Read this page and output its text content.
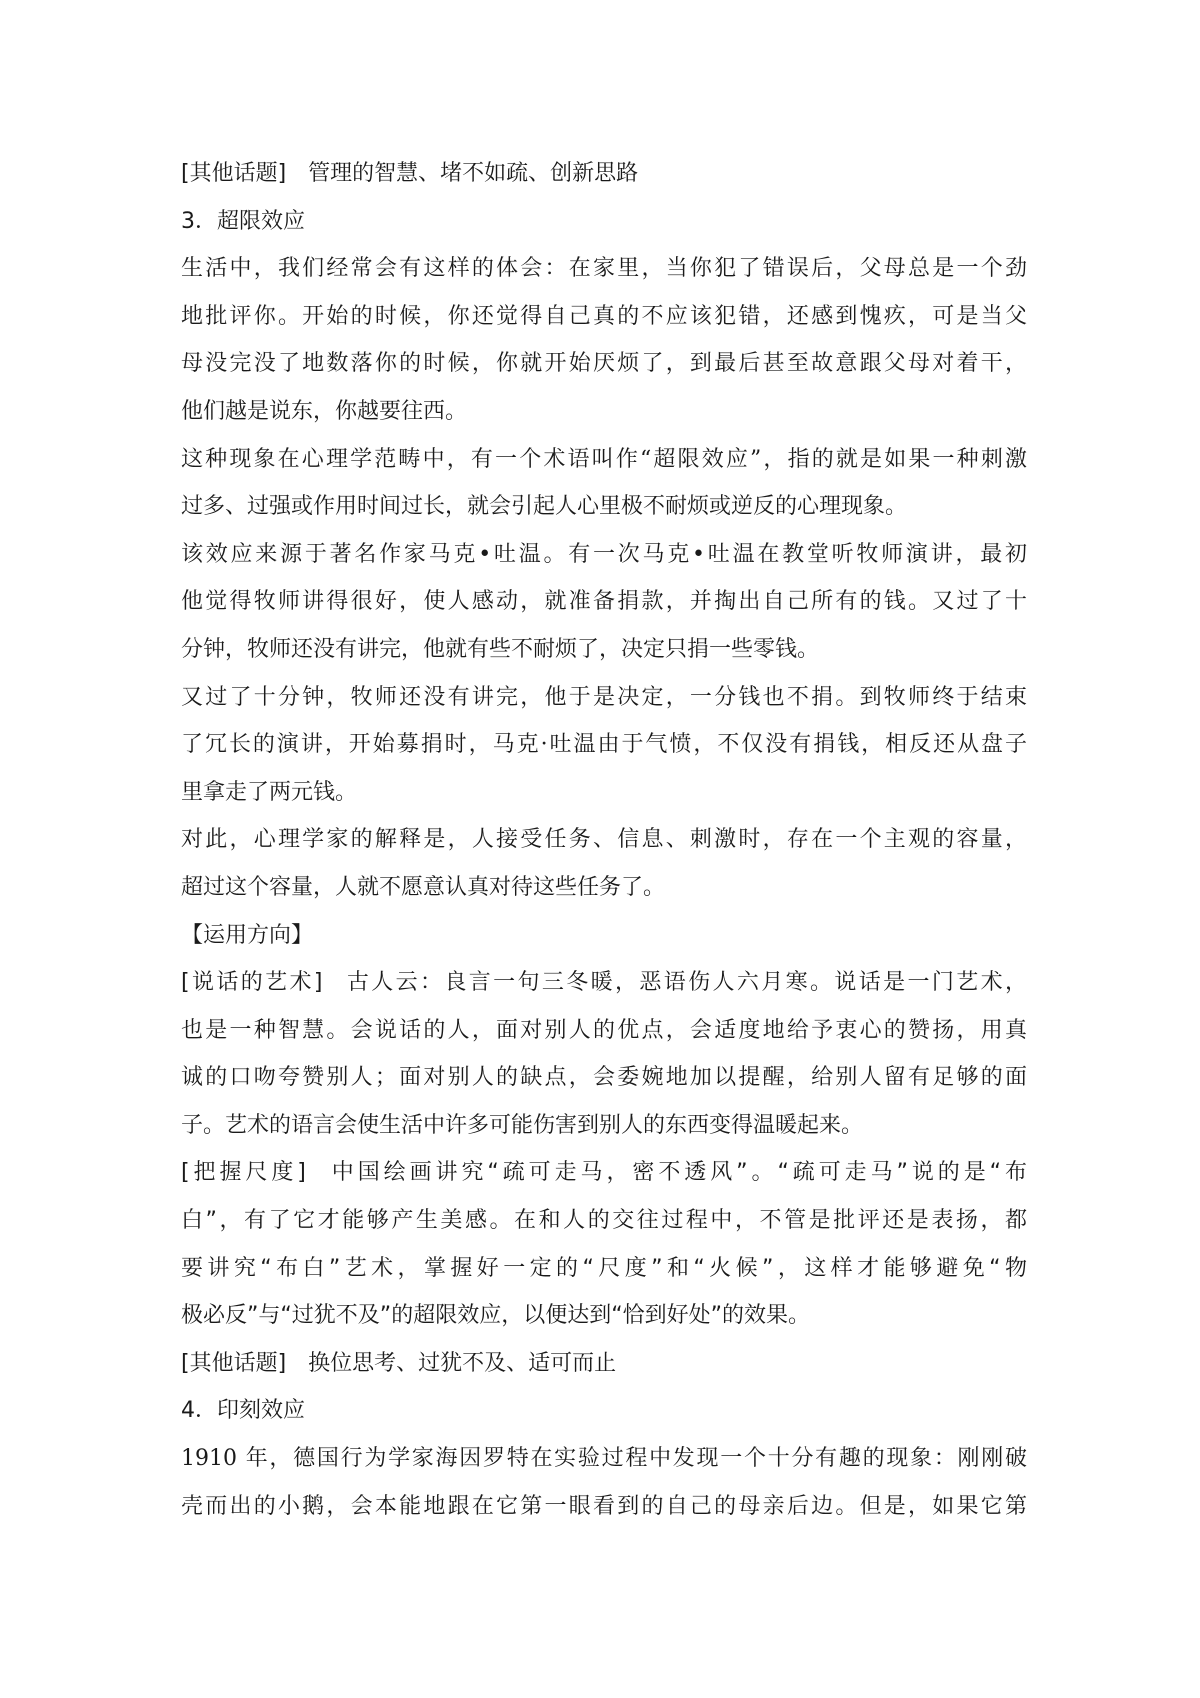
[其他话题] 管理的智慧、堵不如疏、创新思路
3．超限效应
生活中，我们经常会有这样的体会：在家里，当你犯了错误后，父母总是一个劲
地批评你。开始的时候，你还觉得自己真的不应该犯错，还感到愧疚，可是当父
母没完没了地数落你的时候，你就开始厌烦了，到最后甚至故意跟父母对着干，
他们越是说东，你越要往西。
这种现象在心理学范畴中，有一个术语叫作“超限效应”，指的就是如果一种刺激
过多、过强或作用时间过长，就会引起人心里极不耐烦或逆反的心理现象。
该效应来源于著名作家马克•吐温。有一次马克•吐温在教堂听牧师演讲，最初
他觉得牧师讲得很好，使人感动，就准备捐款，并掏出自己所有的钱。又过了十
分钟，牧师还没有讲完，他就有些不耐烦了，决定只捐一些零钱。
又过了十分钟，牧师还没有讲完，他于是决定，一分钱也不捐。到牧师终于结束
了冗长的演讲，开始募捐时，马克·吐温由于气愤，不仅没有捐钱，相反还从盘子
里拿走了两元钱。
对此，心理学家的解释是，人接受任务、信息、刺激时，存在一个主观的容量，
超过这个容量，人就不愿意认真对待这些任务了。
【运用方向】
[说话的艺术] 古人云：良言一句三冬暖，恶语伤人六月寒。说话是一门艺术，
也是一种智慧。会说话的人，面对别人的优点，会适度地给予衷心的赞扬，用真
诚的口吻夸赞别人；面对别人的缺点，会委婉地加以提醒，给别人留有足够的面
子。艺术的语言会使生活中许多可能伤害到别人的东西变得温暖起来。
[把握尺度] 中国绘画讲究“疏可走马，密不透风”。“疏可走马”说的是“布
白”，有了它才能够产生美感。在和人的交往过程中，不管是批评还是表扬，都
要讲究“布白”艺术，掌握好一定的“尺度”和“火候”，这样才能够避免“物
极必反”与“过犹不及”的超限效应，以便达到“恰到好处”的效果。
[其他话题] 换位思考、过犹不及、适可而止
4．印刻效应
1910 年，德国行为学家海因罗特在实验过程中发现一个十分有趣的现象：刚刚破
壳而出的小鹅，会本能地跟在它第一眼看到的自己的母亲后边。但是，如果它第
